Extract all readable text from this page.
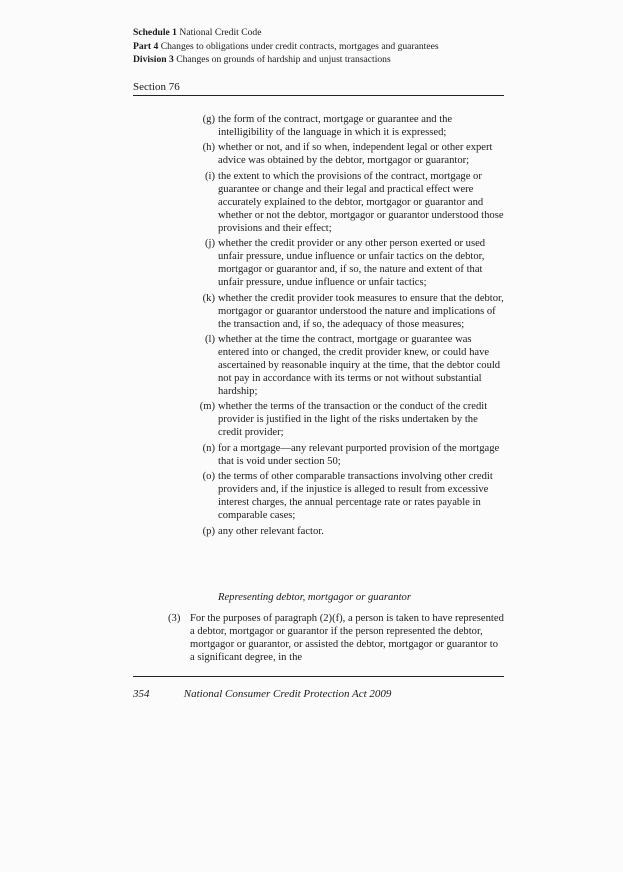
Schedule 1 National Credit Code
Part 4 Changes to obligations under credit contracts, mortgages and guarantees
Division 3 Changes on grounds of hardship and unjust transactions
Section 76
(g) the form of the contract, mortgage or guarantee and the intelligibility of the language in which it is expressed;
(h) whether or not, and if so when, independent legal or other expert advice was obtained by the debtor, mortgagor or guarantor;
(i) the extent to which the provisions of the contract, mortgage or guarantee or change and their legal and practical effect were accurately explained to the debtor, mortgagor or guarantor and whether or not the debtor, mortgagor or guarantor understood those provisions and their effect;
(j) whether the credit provider or any other person exerted or used unfair pressure, undue influence or unfair tactics on the debtor, mortgagor or guarantor and, if so, the nature and extent of that unfair pressure, undue influence or unfair tactics;
(k) whether the credit provider took measures to ensure that the debtor, mortgagor or guarantor understood the nature and implications of the transaction and, if so, the adequacy of those measures;
(l) whether at the time the contract, mortgage or guarantee was entered into or changed, the credit provider knew, or could have ascertained by reasonable inquiry at the time, that the debtor could not pay in accordance with its terms or not without substantial hardship;
(m) whether the terms of the transaction or the conduct of the credit provider is justified in the light of the risks undertaken by the credit provider;
(n) for a mortgage—any relevant purported provision of the mortgage that is void under section 50;
(o) the terms of other comparable transactions involving other credit providers and, if the injustice is alleged to result from excessive interest charges, the annual percentage rate or rates payable in comparable cases;
(p) any other relevant factor.
Representing debtor, mortgagor or guarantor
(3) For the purposes of paragraph (2)(f), a person is taken to have represented a debtor, mortgagor or guarantor if the person represented the debtor, mortgagor or guarantor, or assisted the debtor, mortgagor or guarantor to a significant degree, in the
354	National Consumer Credit Protection Act 2009
